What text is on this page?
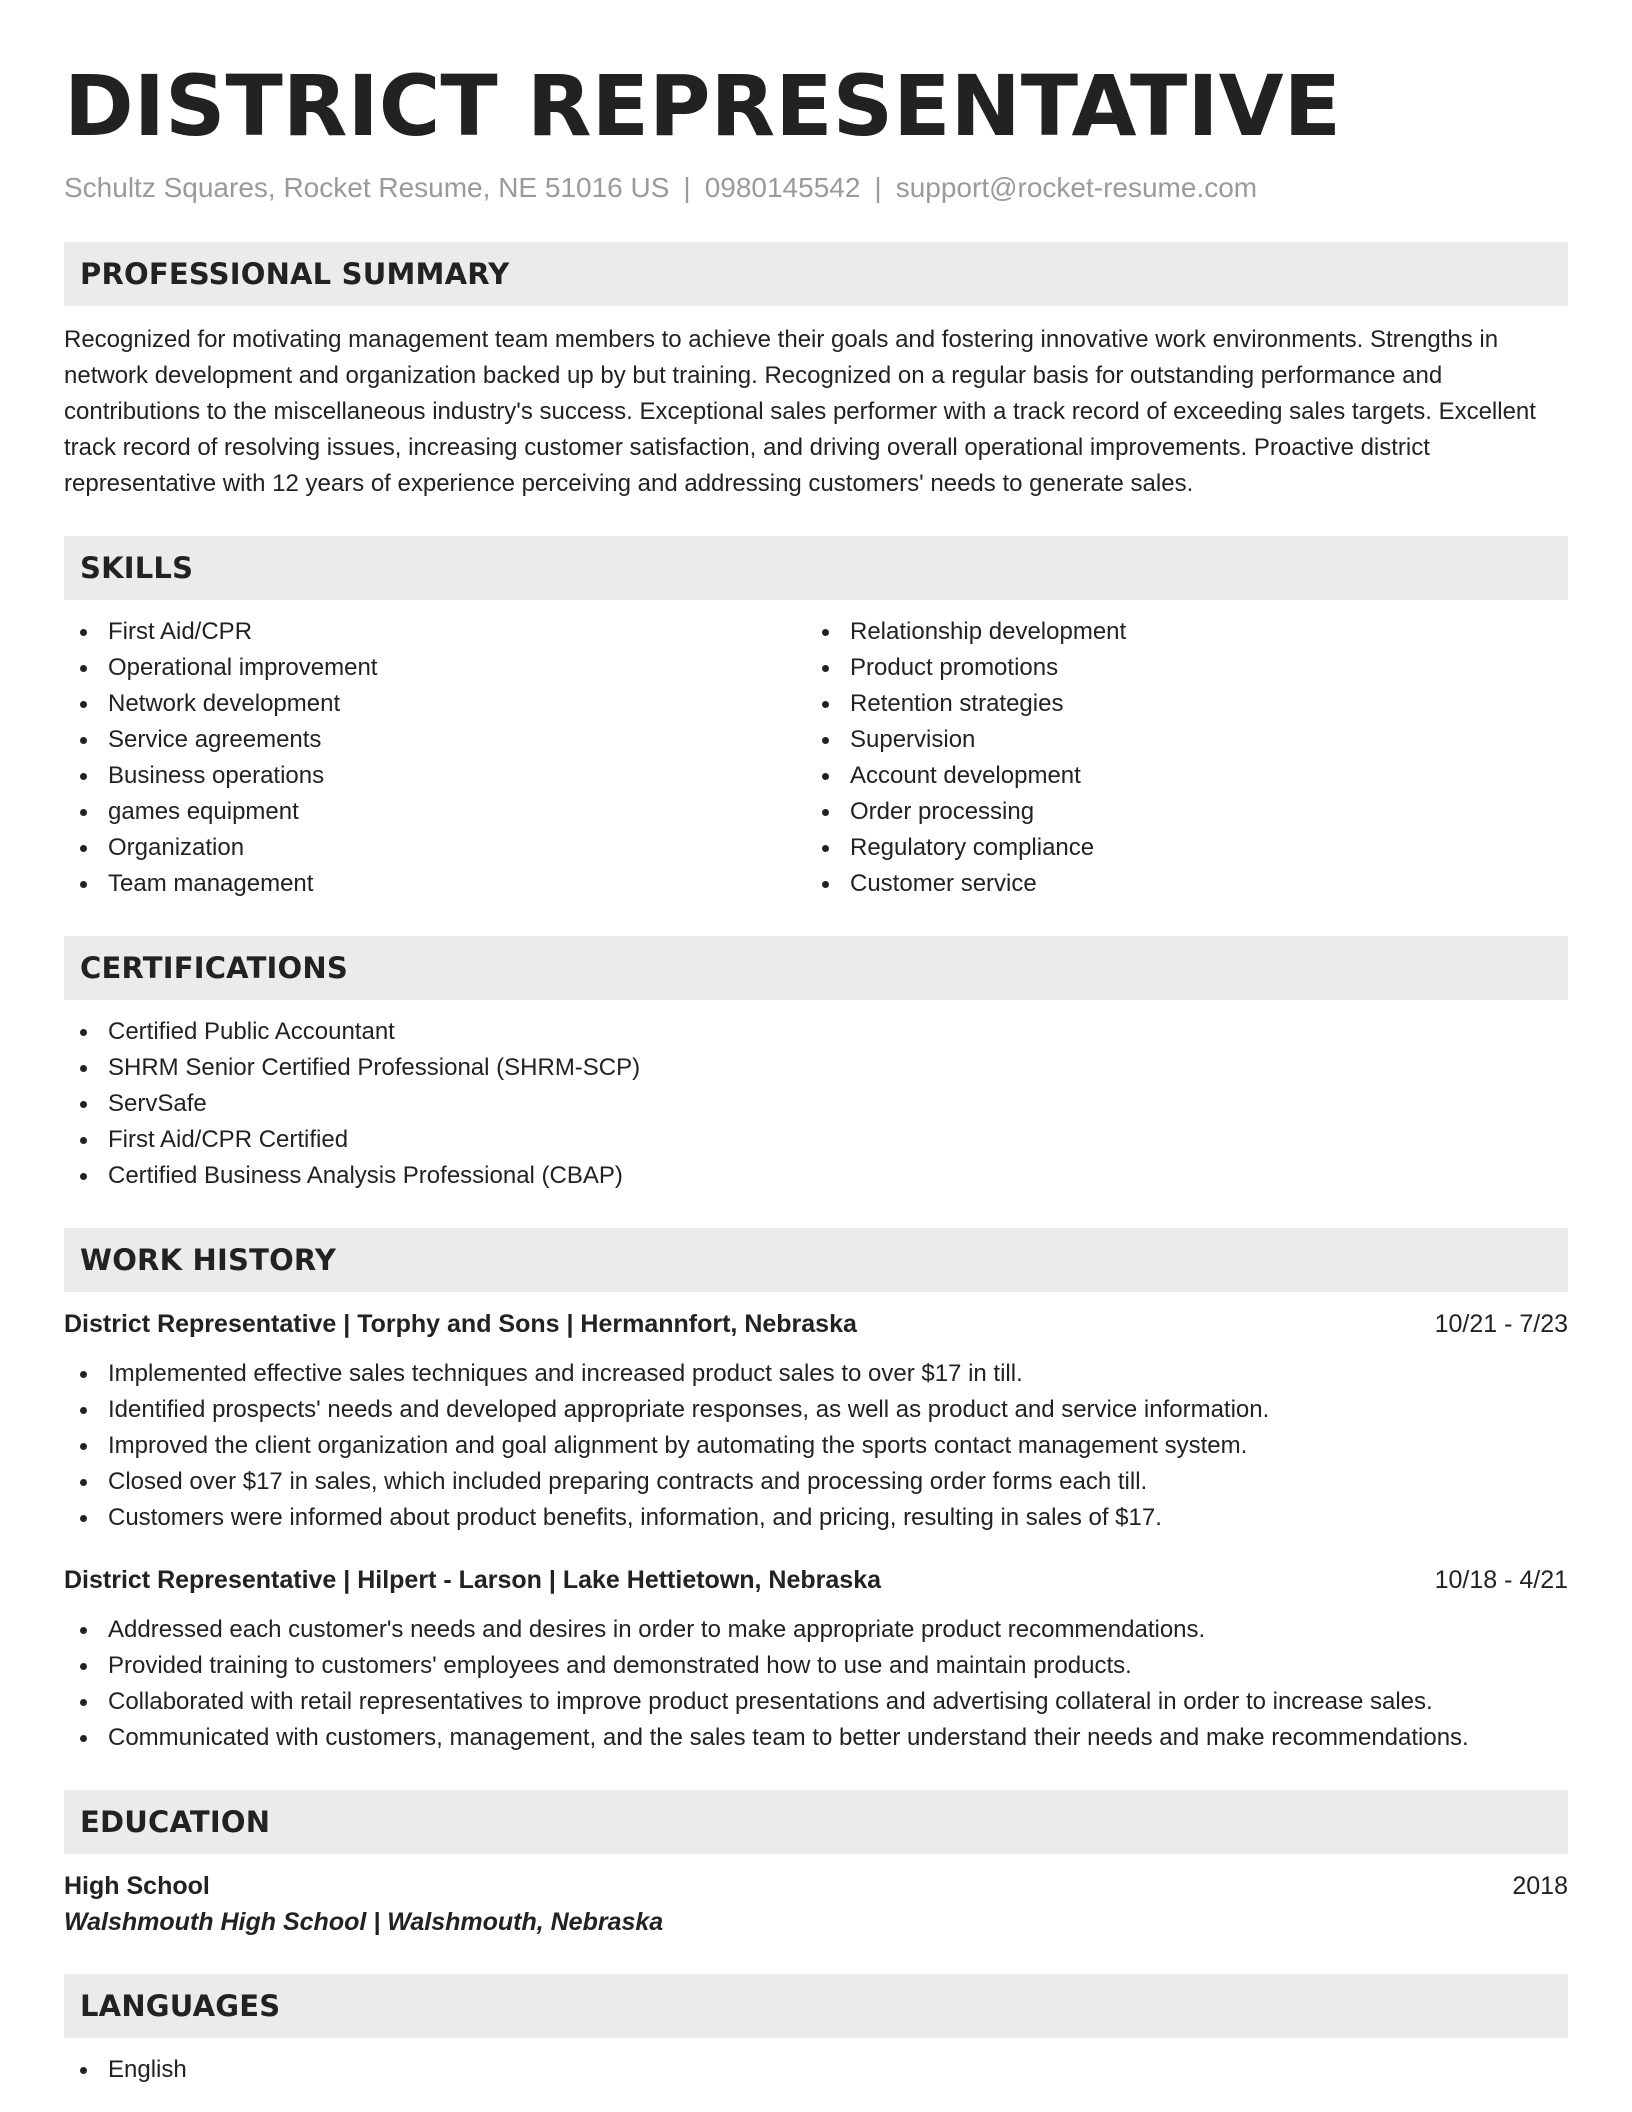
DISTRICT REPRESENTATIVE
Schultz Squares, Rocket Resume, NE 51016 US | 0980145542 | support@rocket-resume.com
PROFESSIONAL SUMMARY

Recognized for motivating management team members to achieve their goals and fostering innovative work environments. Strengths in network development and organization backed up by but training. Recognized on a regular basis for outstanding performance and contributions to the miscellaneous industry's success. Exceptional sales performer with a track record of exceeding sales targets. Excellent track record of resolving issues, increasing customer satisfaction, and driving overall operational improvements. Proactive district representative with 12 years of experience perceiving and addressing customers' needs to generate sales.

SKILLS
First Aid/CPR
Operational improvement
Network development
Service agreements
Business operations
games equipment
Organization
Team management
Relationship development
Product promotions
Retention strategies
Supervision
Account development
Order processing
Regulatory compliance
Customer service
CERTIFICATIONS
Certified Public Accountant
SHRM Senior Certified Professional (SHRM-SCP)
ServSafe
First Aid/CPR Certified
Certified Business Analysis Professional (CBAP)
WORK HISTORY
District Representative | Torphy and Sons | Hermannfort, Nebraska	10/21 - 7/23
Implemented effective sales techniques and increased product sales to over $17 in till.
Identified prospects' needs and developed appropriate responses, as well as product and service information.
Improved the client organization and goal alignment by automating the sports contact management system.
Closed over $17 in sales, which included preparing contracts and processing order forms each till.
Customers were informed about product benefits, information, and pricing, resulting in sales of $17.
District Representative | Hilpert - Larson | Lake Hettietown, Nebraska	10/18 - 4/21
Addressed each customer's needs and desires in order to make appropriate product recommendations.
Provided training to customers' employees and demonstrated how to use and maintain products.
Collaborated with retail representatives to improve product presentations and advertising collateral in order to increase sales.
Communicated with customers, management, and the sales team to better understand their needs and make recommendations.
EDUCATION
High School	2018
Walshmouth High School | Walshmouth, Nebraska
LANGUAGES
English
